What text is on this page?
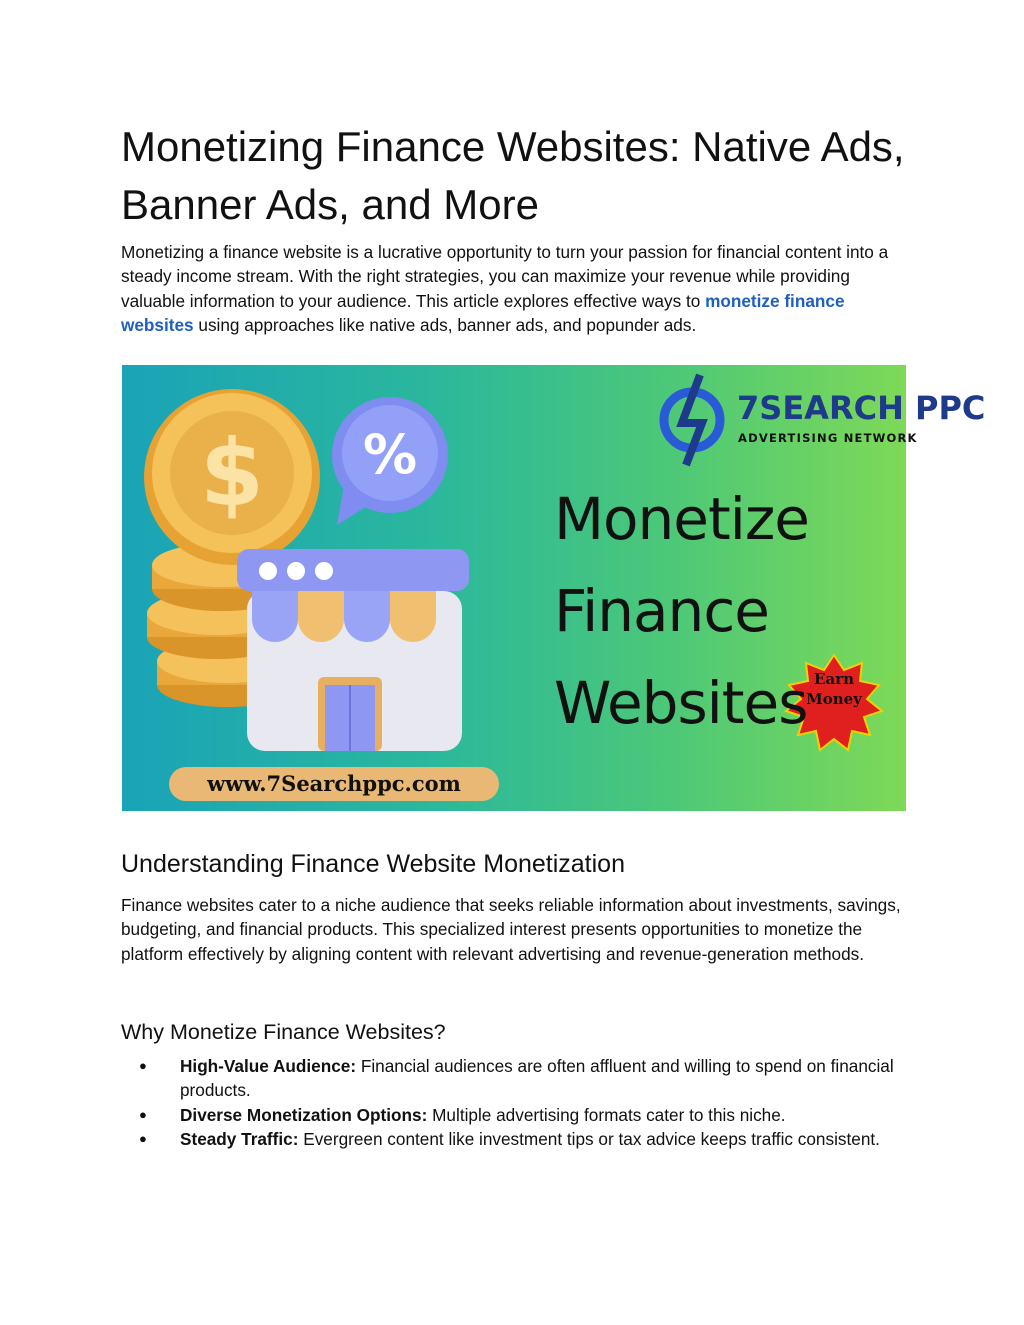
Monetizing Finance Websites: Native Ads, Banner Ads, and More

Monetizing a finance website is a lucrative opportunity to turn your passion for financial content into a steady income stream. With the right strategies, you can maximize your revenue while providing valuable information to your audience. This article explores effective ways to monetize finance websites using approaches like native ads, banner ads, and popunder ads.

$ %
7SEARCH PPC
ADVERTISING NETWORK
Monetize
Finance
Websites Earn
Money
www.7Searchppc.com
Understanding Finance Website Monetization

Finance websites cater to a niche audience that seeks reliable information about investments, savings, budgeting, and financial products. This specialized interest presents opportunities to monetize the platform effectively by aligning content with relevant advertising and revenue-generation methods.

Why Monetize Finance Websites?
● High-Value Audience: Financial audiences are often affluent and willing to spend on financial products.
● Diverse Monetization Options: Multiple advertising formats cater to this niche.
● Steady Traffic: Evergreen content like investment tips or tax advice keeps traffic consistent.
